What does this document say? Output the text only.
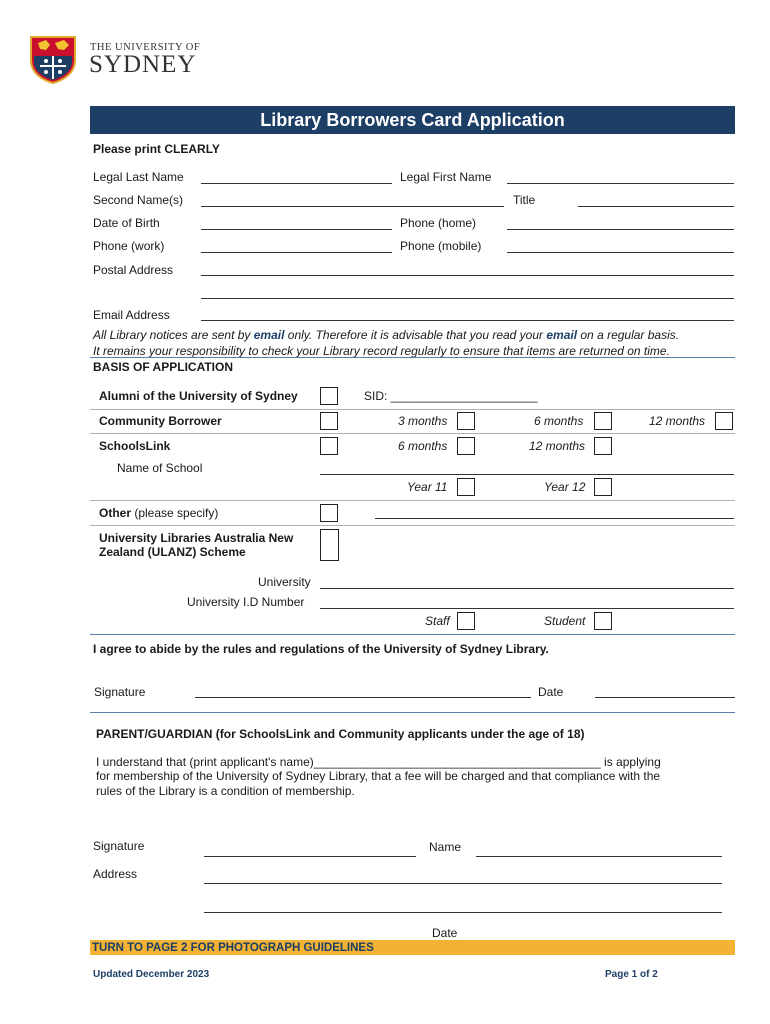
THE UNIVERSITY OF
SYDNEY
Library Borrowers Card Application
Please print CLEARLY
Legal Last Name	Legal First Name
Second Name(s)	Title
Date of Birth	Phone (home)
Phone (work)	Phone (mobile)
Postal Address
Email Address
All Library notices are sent by email only. Therefore it is advisable that you read your email on a regular basis.
It remains your responsibility to check your Library record regularly to ensure that items are returned on time.
BASIS OF APPLICATION
Alumni of the University of Sydney	SID: ______________________
Community Borrower	3 months	6 months	12 months
SchoolsLink	6 months	12 months
Name of School
Year 11	Year 12
Other (please specify)
University Libraries Australia New
Zealand (ULANZ) Scheme
University
University I.D Number
Staff	Student
I agree to abide by the rules and regulations of the University of Sydney Library.
Signature	Date
PARENT/GUARDIAN (for SchoolsLink and Community applicants under the age of 18)
I understand that (print applicant's name)___________________________________________ is applying
for membership of the University of Sydney Library, that a fee will be charged and that compliance with the
rules of the Library is a condition of membership.
Signature	Name
Address
Date
TURN TO PAGE 2 FOR PHOTOGRAPH GUIDELINES
Updated December 2023	Page 1 of 2
